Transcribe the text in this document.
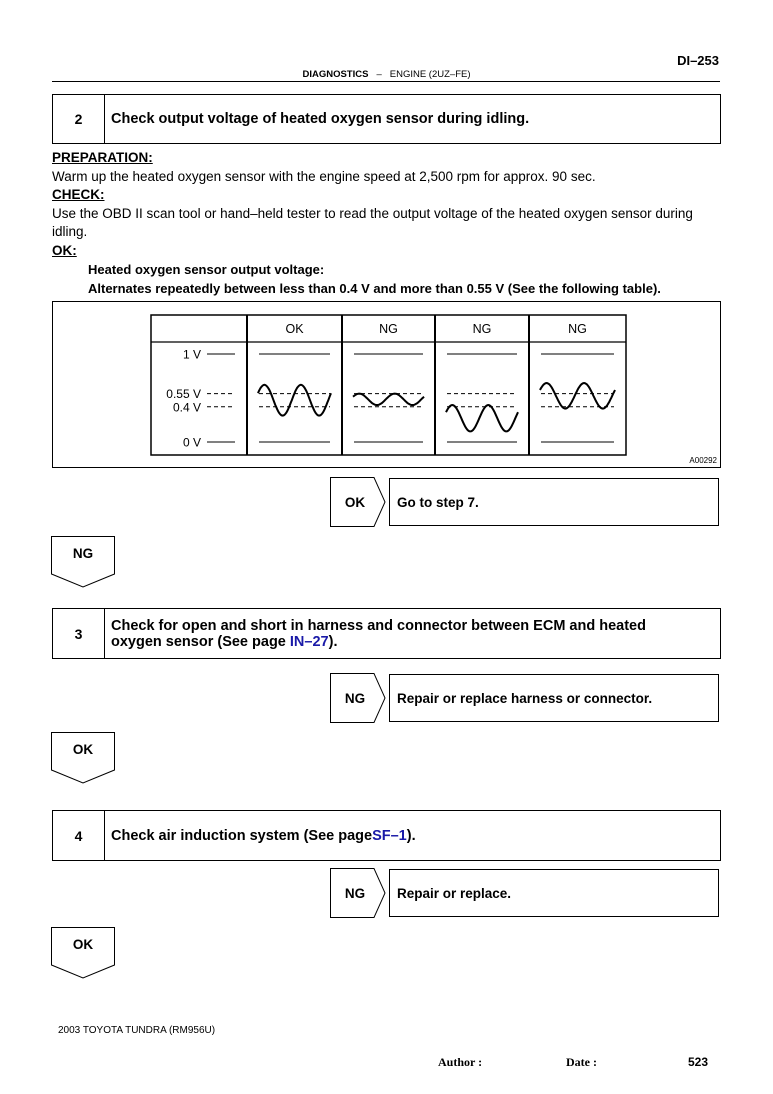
DI–253
DIAGNOSTICS – ENGINE (2UZ–FE)
2	Check output voltage of heated oxygen sensor during idling.
PREPARATION:
Warm up the heated oxygen sensor with the engine speed at 2,500 rpm for approx. 90 sec.
CHECK:
Use the OBD II scan tool or hand–held tester to read the output voltage of the heated oxygen sensor during
idling.
OK:
Heated oxygen sensor output voltage:
Alternates repeatedly between less than 0.4 V and more than 0.55 V (See the following table).
OK	NG	NG	NG
1 V
0.55 V
0.4 V
0 V
A00292
OK	Go to step 7.
NG
3	Check for open and short in harness and connector between ECM and heated
oxygen sensor (See page IN–27).
NG	Repair or replace harness or connector.
OK
4	Check air induction system (See page SF–1 ).
NG	Repair or replace.
OK
2003 TOYOTA TUNDRA (RM956U)
Author :	Date :	523
